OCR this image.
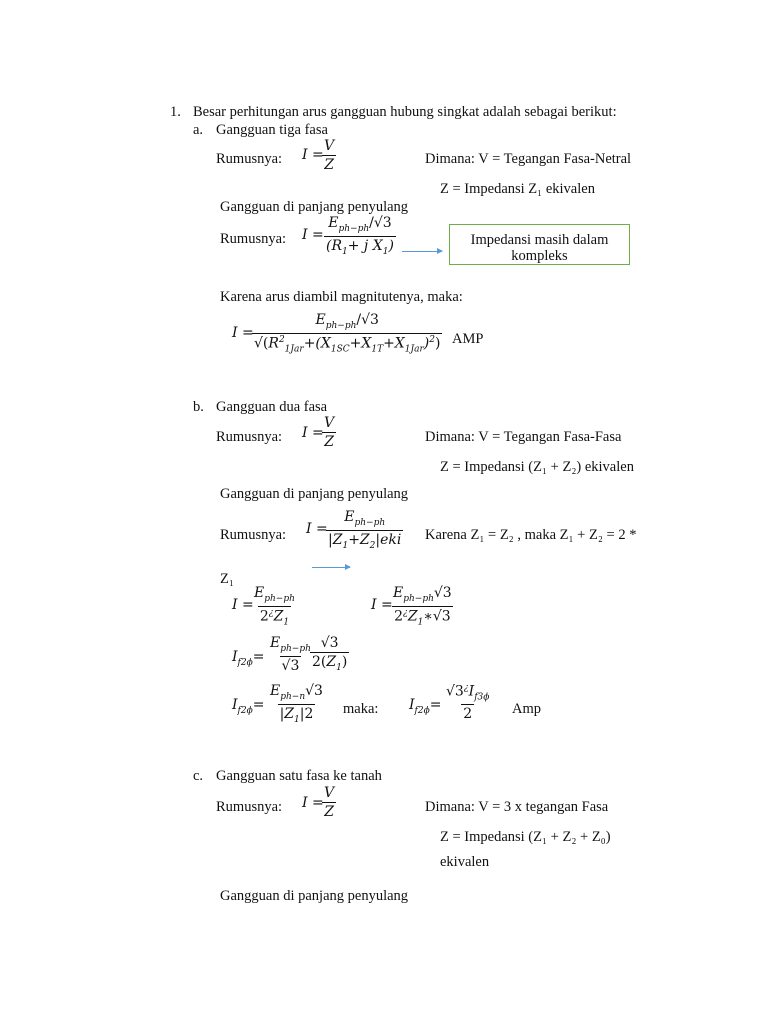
1. Besar perhitungan arus gangguan hubung singkat adalah sebagai berikut:
a. Gangguan tiga fasa
Rumusnya: I =
$\frac{V}{Z}$	Dimana: V = Tegangan Fasa-Netral
Z = Impedansi Z₁ ekivalen
Gangguan di panjang penyulang
Rumusnya: I =
$E_{ph-ph}/√3$
($R_1+ j$ $X_1$)	Impedansi masih dalam
kompleks
Karena arus diambil magnitutenya, maka:
I =
$E_{ph-ph}/√3$
$√(R^2_{1Jar}+(X_{1SC}+X_{1T}+X_{1Jar})^2)$ AMP
b. Gangguan dua fasa
Rumusnya: I =
$\frac{V}{Z}$	Dimana: V = Tegangan Fasa-Fasa
Z = Impedansi (Z₁ + Z₂) ekivalen
Gangguan di panjang penyulang
Rumusnya: I =
$E_{ph-ph}$
$|Z_1+Z_2|eki$ Karena Z₁ = Z₂ , maka Z₁ + Z₂ = 2 *
Z₁
I =
$E_{ph-ph}$
$2^¿Z_1$
I =
$E_{ph-ph}√3$
$2^¿Z_1∗√3$
$I_{f2\phi}=$
$E_{ph-ph}$
$√3 \frac{√3}{2(Z_1)}$
$I_{f2\phi}=$
$E_{ph-n}√3$
$|Z_1|2$ maka: $I_{f2\phi}= \frac{√3^¿I_{f3\phi}}{2}$ Amp
c. Gangguan satu fasa ke tanah
Rumusnya: I =
$\frac{V}{Z}$	Dimana: V = 3 x tegangan Fasa
Z = Impedansi (Z₁ + Z₂ + Z₀)
ekivalen
Gangguan di panjang penyulang
